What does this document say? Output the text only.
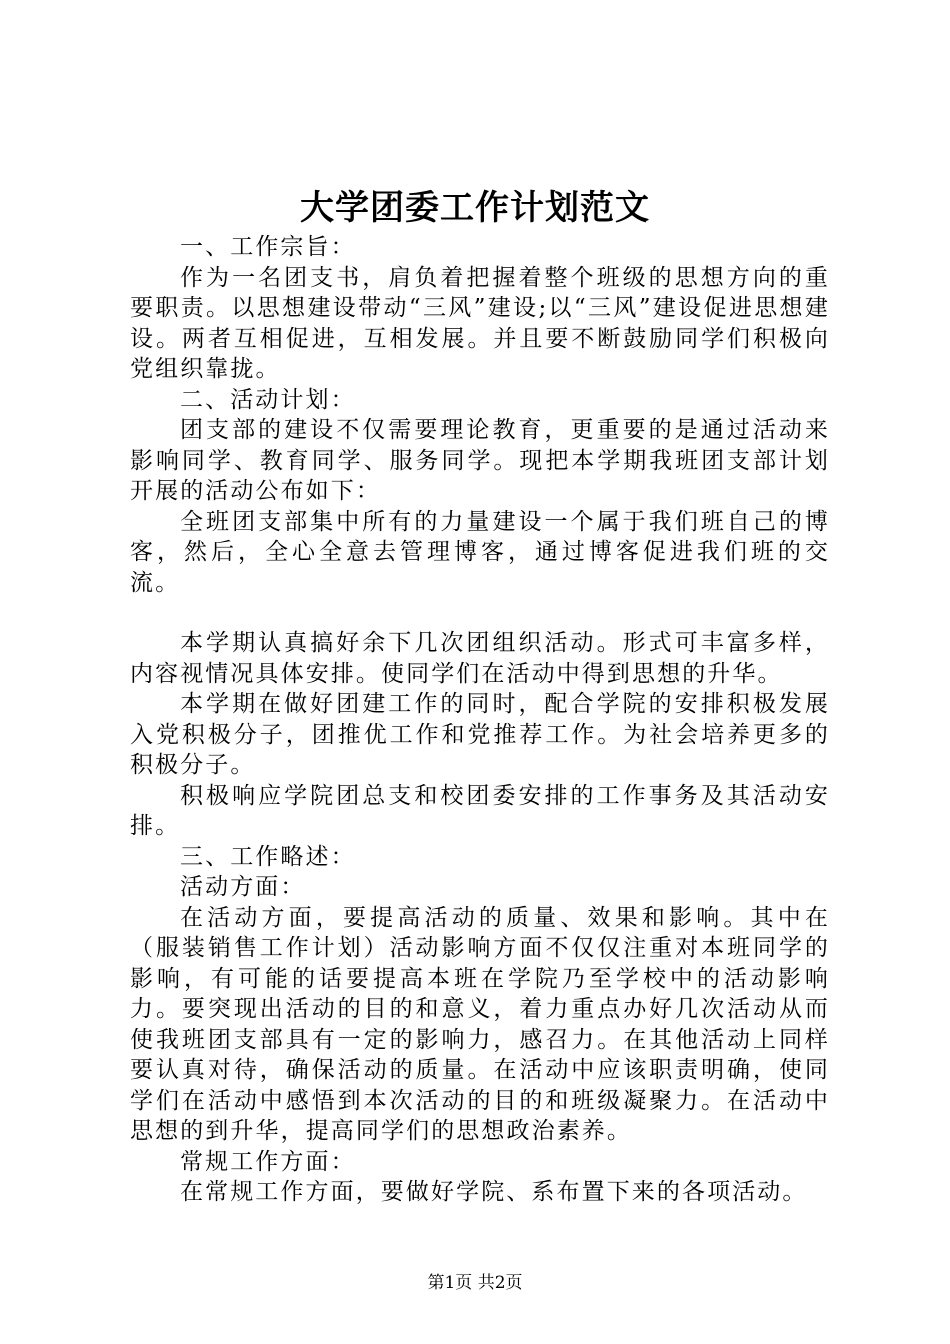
大学团委工作计划范文

一、工作宗旨：

作为一名团支书，肩负着把握着整个班级的思想方向的重要职责。以思想建设带动“三风”建设;以“三风”建设促进思想建设。两者互相促进，互相发展。并且要不断鼓励同学们积极向党组织靠拢。

二、活动计划：

团支部的建设不仅需要理论教育，更重要的是通过活动来影响同学、教育同学、服务同学。现把本学期我班团支部计划开展的活动公布如下：

全班团支部集中所有的力量建设一个属于我们班自己的博客，然后，全心全意去管理博客，通过博客促进我们班的交流。

本学期认真搞好余下几次团组织活动。形式可丰富多样，内容视情况具体安排。使同学们在活动中得到思想的升华。

本学期在做好团建工作的同时，配合学院的安排积极发展入党积极分子，团推优工作和党推荐工作。为社会培养更多的积极分子。

积极响应学院团总支和校团委安排的工作事务及其活动安排。

三、工作略述：

活动方面：

在活动方面，要提高活动的质量、效果和影响。其中在（服装销售工作计划）活动影响方面不仅仅注重对本班同学的影响，有可能的话要提高本班在学院乃至学校中的活动影响力。要突现出活动的目的和意义，着力重点办好几次活动从而使我班团支部具有一定的影响力，感召力。在其他活动上同样要认真对待，确保活动的质量。在活动中应该职责明确，使同学们在活动中感悟到本次活动的目的和班级凝聚力。在活动中思想的到升华，提高同学们的思想政治素养。

常规工作方面：

在常规工作方面，要做好学院、系布置下来的各项活动。

第1页 共2页
